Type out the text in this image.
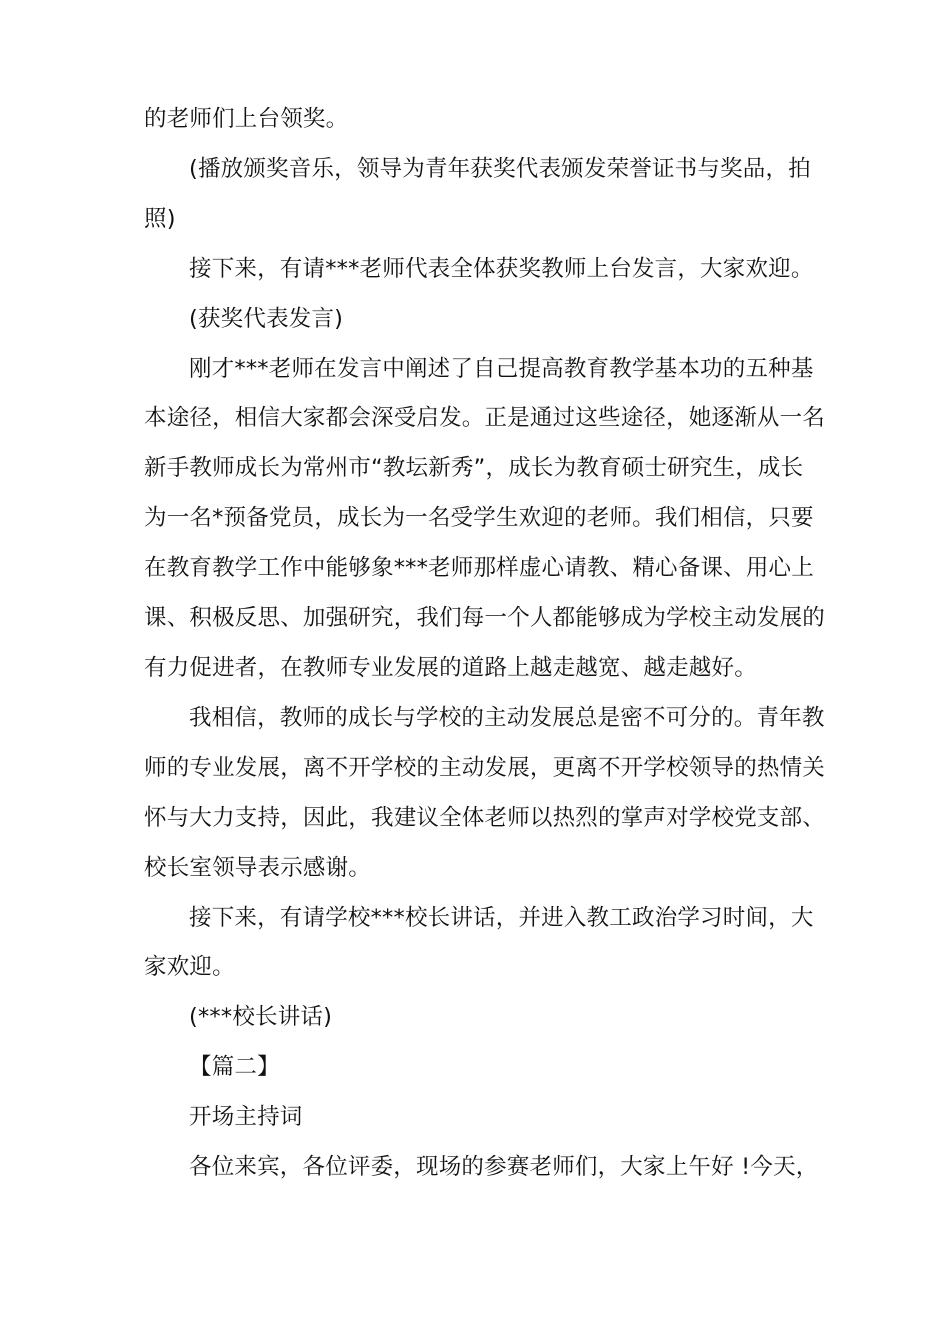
的老师们上台领奖。

(播放颁奖音乐，领导为青年获奖代表颁发荣誉证书与奖品，拍
照)

接下来，有请***老师代表全体获奖教师上台发言，大家欢迎。

(获奖代表发言)

刚才***老师在发言中阐述了自己提高教育教学基本功的五种基
本途径，相信大家都会深受启发。正是通过这些途径，她逐渐从一名
新手教师成长为常州市“教坛新秀”，成长为教育硕士研究生，成长
为一名*预备党员，成长为一名受学生欢迎的老师。我们相信，只要
在教育教学工作中能够象***老师那样虚心请教、精心备课、用心上
课、积极反思、加强研究，我们每一个人都能够成为学校主动发展的
有力促进者，在教师专业发展的道路上越走越宽、越走越好。

我相信，教师的成长与学校的主动发展总是密不可分的。青年教
师的专业发展，离不开学校的主动发展，更离不开学校领导的热情关
怀与大力支持，因此，我建议全体老师以热烈的掌声对学校党支部、
校长室领导表示感谢。

接下来，有请学校***校长讲话，并进入教工政治学习时间，大
家欢迎。

(***校长讲话)

【篇二】

开场主持词

各位来宾，各位评委，现场的参赛老师们，大家上午好 !今天，
